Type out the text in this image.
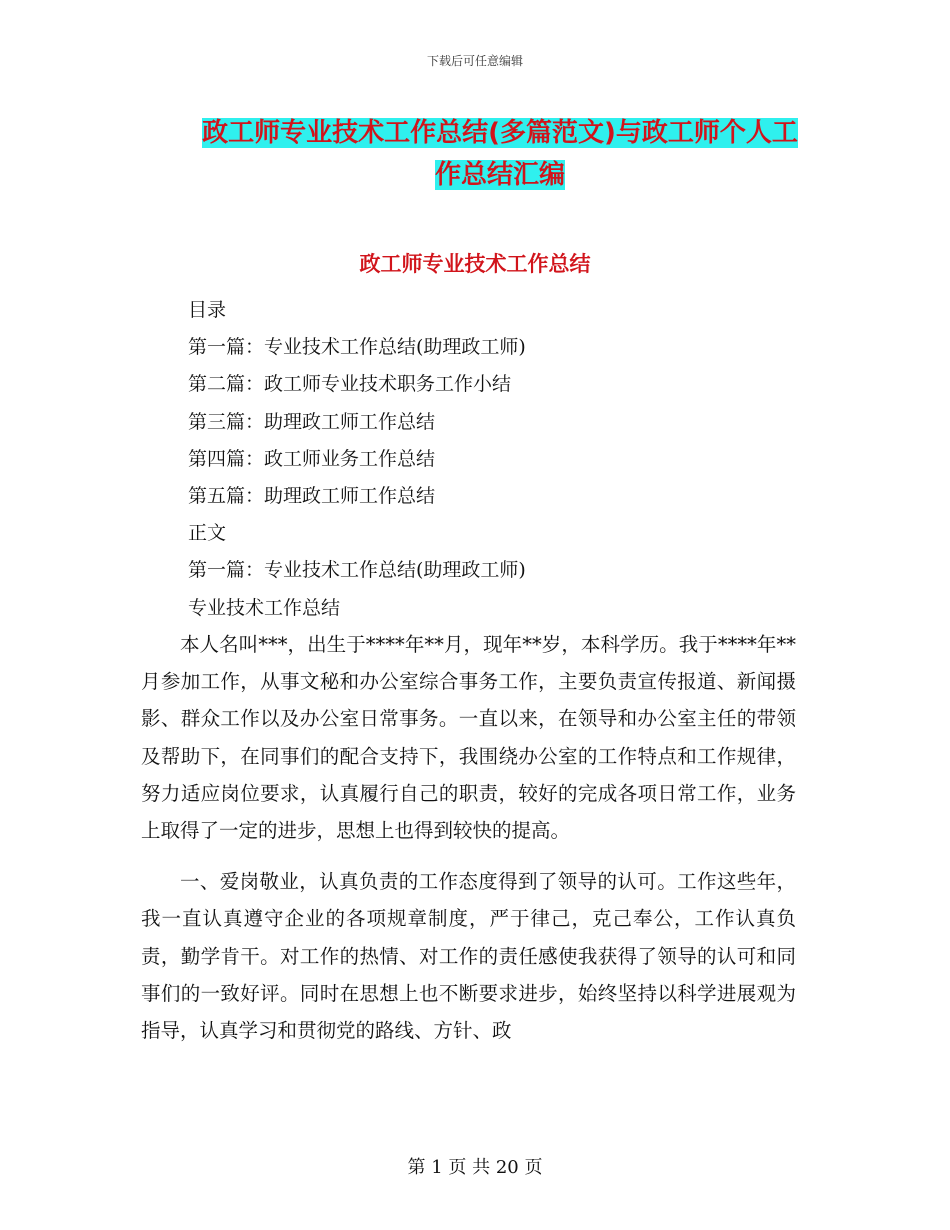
下载后可任意编辑
政工师专业技术工作总结(多篇范文)与政工师个人工
作总结汇编
政工师专业技术工作总结
目录
第一篇：专业技术工作总结(助理政工师)
第二篇：政工师专业技术职务工作小结
第三篇：助理政工师工作总结
第四篇：政工师业务工作总结
第五篇：助理政工师工作总结
正文
第一篇：专业技术工作总结(助理政工师)
专业技术工作总结

本人名叫***，出生于****年**月，现年**岁，本科学历。我于****年**月参加工作，从事文秘和办公室综合事务工作，主要负责宣传报道、新闻摄影、群众工作以及办公室日常事务。一直以来，在领导和办公室主任的带领及帮助下，在同事们的配合支持下，我围绕办公室的工作特点和工作规律，努力适应岗位要求，认真履行自己的职责，较好的完成各项日常工作，业务上取得了一定的进步，思想上也得到较快的提高。

一、爱岗敬业，认真负责的工作态度得到了领导的认可。工作这些年，我一直认真遵守企业的各项规章制度，严于律己，克己奉公，工作认真负责，勤学肯干。对工作的热情、对工作的责任感使我获得了领导的认可和同事们的一致好评。同时在思想上也不断要求进步，始终坚持以科学进展观为指导，认真学习和贯彻党的路线、方针、政

第 1 页 共 20 页
